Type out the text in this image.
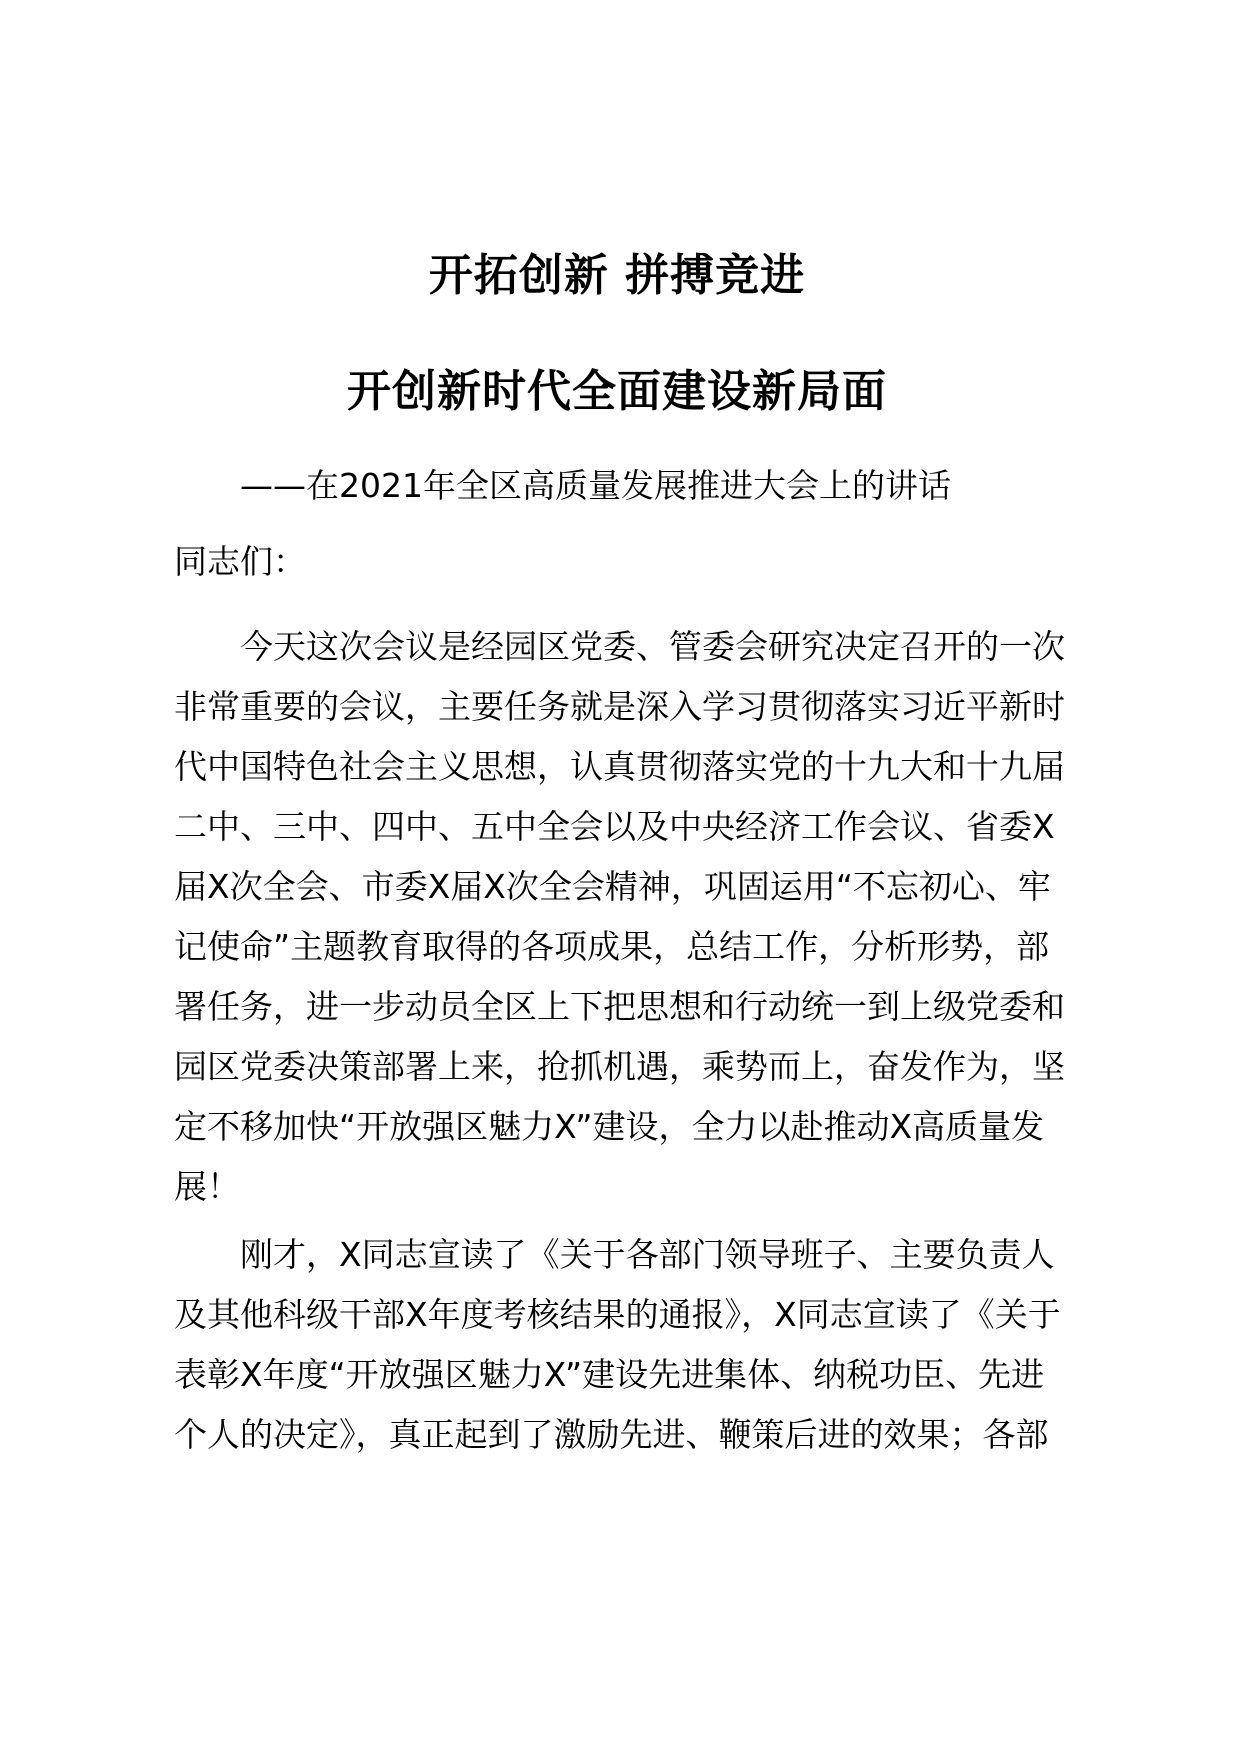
开拓创新 拼搏竞进
开创新时代全面建设新局面
——在2021年全区高质量发展推进大会上的讲话
同志们：
　　今天这次会议是经园区党委、管委会研究决定召开的一次
非常重要的会议，主要任务就是深入学习贯彻落实习近平新时
代中国特色社会主义思想，认真贯彻落实党的十九大和十九届
二中、三中、四中、五中全会以及中央经济工作会议、省委X
届X次全会、市委X届X次全会精神，巩固运用“不忘初心、牢
记使命”主题教育取得的各项成果，总结工作，分析形势，部
署任务，进一步动员全区上下把思想和行动统一到上级党委和
园区党委决策部署上来，抢抓机遇，乘势而上，奋发作为，坚
定不移加快“开放强区魅力X”建设，全力以赴推动X高质量发
展！
　　刚才，X同志宣读了《关于各部门领导班子、主要负责人
及其他科级干部X年度考核结果的通报》，X同志宣读了《关于
表彰X年度“开放强区魅力X”建设先进集体、纳税功臣、先进
个人的决定》，真正起到了激励先进、鞭策后进的效果；各部
